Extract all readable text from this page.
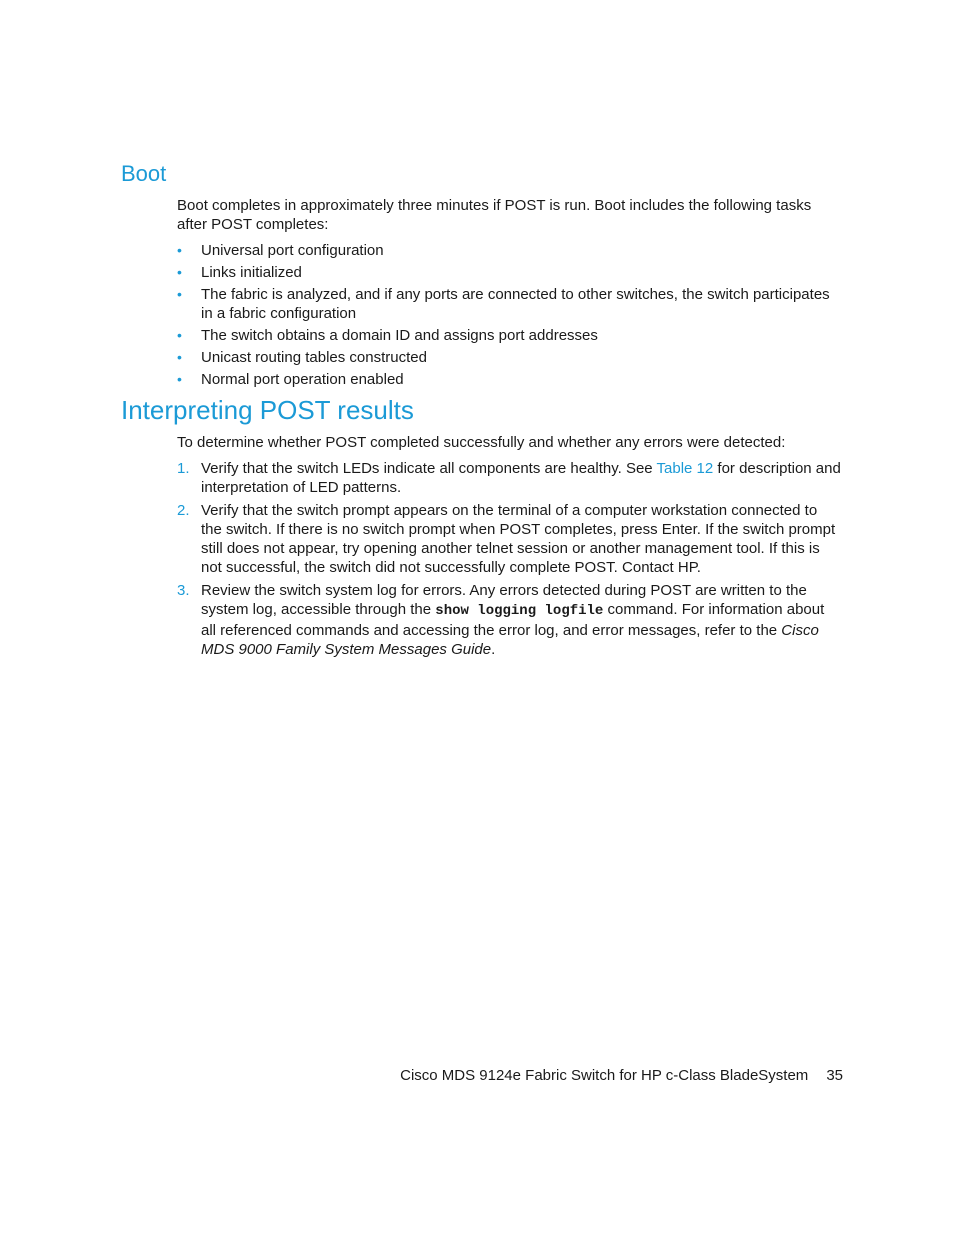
Boot

Boot completes in approximately three minutes if POST is run. Boot includes the following tasks after POST completes:

• Universal port configuration
• Links initialized
• The fabric is analyzed, and if any ports are connected to other switches, the switch participates in a fabric configuration
• The switch obtains a domain ID and assigns port addresses
• Unicast routing tables constructed
• Normal port operation enabled
Interpreting POST results

To determine whether POST completed successfully and whether any errors were detected:

1. Verify that the switch LEDs indicate all components are healthy. See Table 12 for description and interpretation of LED patterns.
2. Verify that the switch prompt appears on the terminal of a computer workstation connected to the switch. If there is no switch prompt when POST completes, press Enter. If the switch prompt still does not appear, try opening another telnet session or another management tool. If this is not successful, the switch did not successfully complete POST. Contact HP.
3. Review the switch system log for errors. Any errors detected during POST are written to the system log, accessible through the show logging logfile command. For information about all referenced commands and accessing the error log, and error messages, refer to the Cisco MDS 9000 Family System Messages Guide.
Cisco MDS 9124e Fabric Switch for HP c-Class BladeSystem 35
